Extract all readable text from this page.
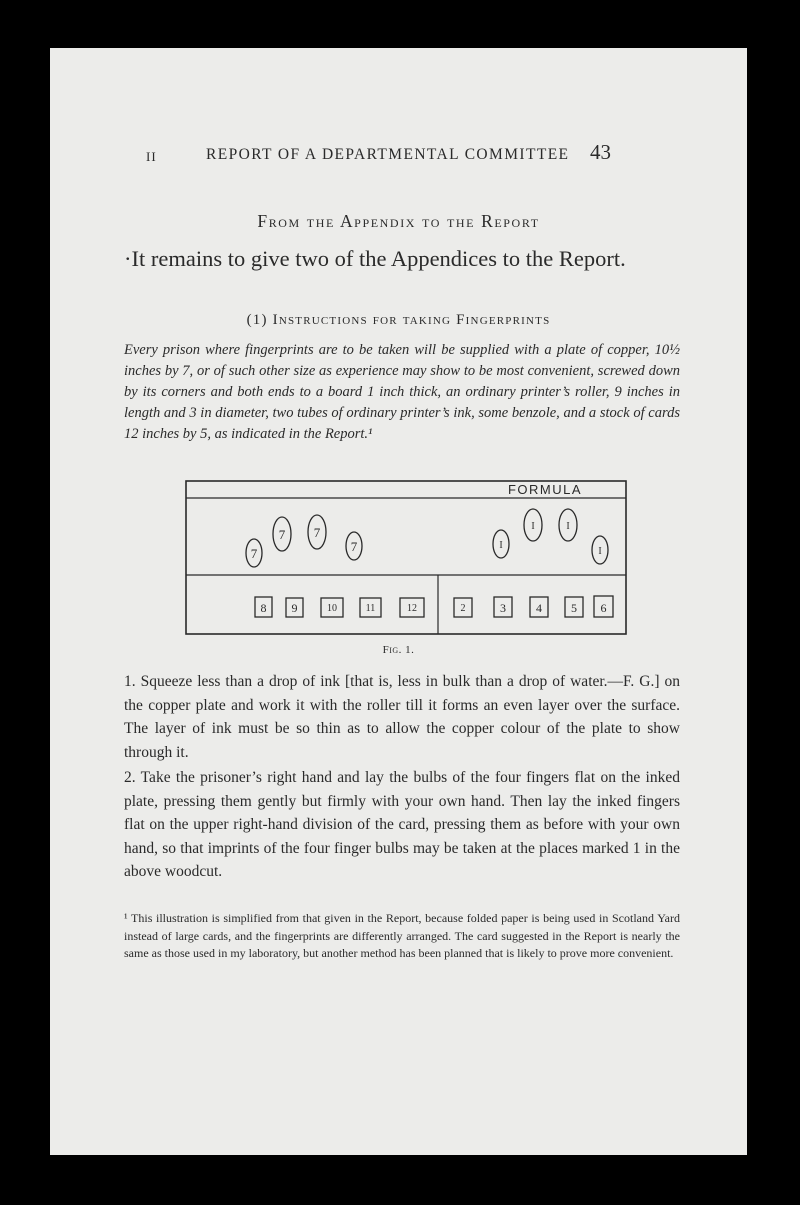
II	REPORT OF A DEPARTMENTAL COMMITTEE 43
From the Appendix to the Report
·It remains to give two of the Appendices to the Report.
(1) Instructions for taking Fingerprints
Every prison where fingerprints are to be taken will be supplied with a plate of copper, 10½ inches by 7, or of such other size as experience may show to be most convenient, screwed down by its corners and both ends to a board 1 inch thick, an ordinary printer’s roller, 9 inches in length and 3 in diameter, two tubes of ordinary printer’s ink, some benzole, and a stock of cards 12 inches by 5, as indicated in the Report.¹
FORMULA
7
7 7
7	I
I	I
I
8 9	10	11	12	2	3	4 5 6
Fig. 1.
1. Squeeze less than a drop of ink [that is, less in bulk than a drop of water.—F. G.] on the copper plate and work it with the roller till it forms an even layer over the surface. The layer of ink must be so thin as to allow the copper colour of the plate to show through it.
2. Take the prisoner’s right hand and lay the bulbs of the four fingers flat on the inked plate, pressing them gently but firmly with your own hand. Then lay the inked fingers flat on the upper right-hand division of the card, pressing them as before with your own hand, so that imprints of the four finger bulbs may be taken at the places marked 1 in the above woodcut.
¹ This illustration is simplified from that given in the Report, because folded paper is being used in Scotland Yard instead of large cards, and the fingerprints are differently arranged. The card suggested in the Report is nearly the same as those used in my laboratory, but another method has been planned that is likely to prove more convenient.
